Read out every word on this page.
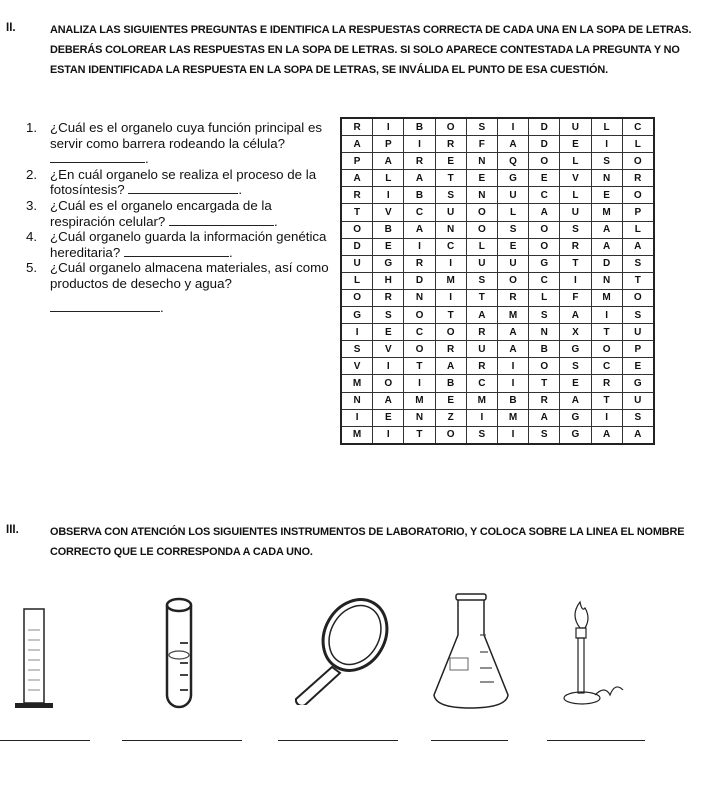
II.	ANALIZA LAS SIGUIENTES PREGUNTAS E IDENTIFICA LA RESPUESTAS CORRECTA DE CADA UNA EN LA SOPA DE LETRAS. DEBERÁS COLOREAR LAS RESPUESTAS EN LA SOPA DE LETRAS. SI SOLO APARECE CONTESTADA LA PREGUNTA Y NO ESTAN IDENTIFICADA LA RESPUESTA EN LA SOPA DE LETRAS, SE INVÁLIDA EL PUNTO DE ESA CUESTIÓN.
1. ¿Cuál es el organelo cuya función principal es servir como barrera rodeando la célula? .
2. ¿En cuál organelo se realiza el proceso de la fotosíntesis?	.
3. ¿Cuál es el organelo encargada de la respiración celular?	.
4. ¿Cuál organelo guarda la información genética hereditaria?	.
5. ¿Cuál organelo almacena materiales, así como productos de desecho y agua?
.
R	I	B	O	S	I	D	U	L	C
A	P	I	R	F	A	D	E	I	L
P	A	R	E	N	Q	O	L	S	O
A	L	A	T	E	G	E	V	N	R
R	I	B	S	N	U	C	L	E	O
T	V	C	U	O	L	A	U	M	P
O	B	A	N	O	S	O	S	A	L
D	E	I	C	L	E	O	R	A	A
U	G	R	I	U	U	G	T	D	S
L	H	D	M	S	O	C	I	N	T
O	R	N	I	T	R	L	F	M	O
G	S	O	T	A	M	S	A	I	S
I	E	C	O	R	A	N	X	T	U
S	V	O	R	U	A	B	G	O	P
V	I	T	A	R	I	O	S	C	E
M	O	I	B	C	I	T	E	R	G
N	A	M	E	M	B	R	A	T	U
I	E	N	Z	I	M	A	G	I	S
M	I	T	O	S	I	S	G	A	A
III.	OBSERVA CON ATENCIÓN LOS SIGUIENTES INSTRUMENTOS DE LABORATORIO, Y COLOCA SOBRE LA LINEA EL NOMBRE CORRECTO QUE LE CORRESPONDA A CADA UNO.
